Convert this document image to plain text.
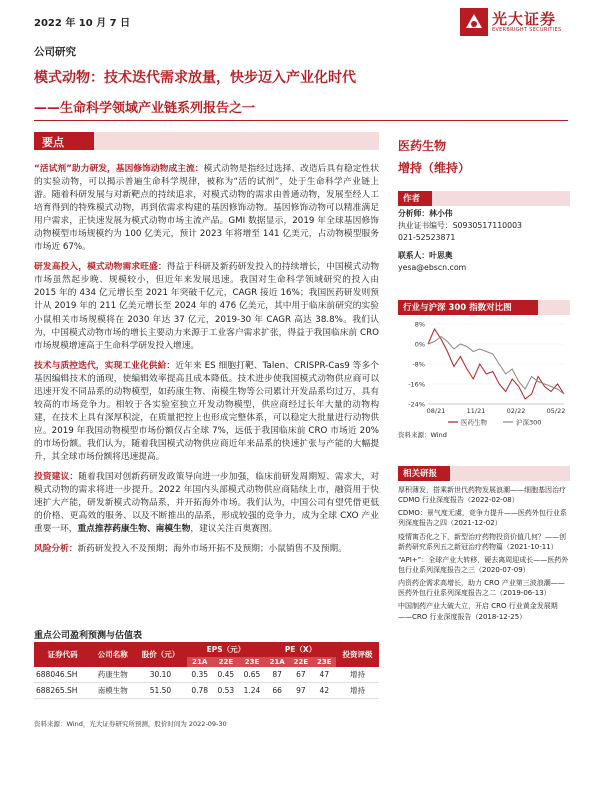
2022 年 10 月 7 日	光大证券
EVERBRIGHT SECURITIES
公司研究
模式动物：技术迭代需求放量，快步迈入产业化时代
——生命科学领域产业链系列报告之一
要点

“活试剂”助力研发，基因修饰动物成主流：模式动物是指经过选择、改造后具有稳定性状的实验动物，可以揭示普遍生命科学规律，被称为“活的试剂”，处于生命科学产业链上游。随着科研发展与对新靶点的持续追求，对模式动物的需求由普通动物，发展至经人工培育得到的特殊模式动物，再到依需求构建的基因修饰动物。基因修饰动物可以精准满足用户需求，正快速发展为模式动物市场主流产品。GMI 数据显示，2019 年全球基因修饰动物模型市场规模约为 100 亿美元，预计 2023 年将增至 141 亿美元，占动物模型服务市场近 67%。

研发高投入，模式动物需求旺盛：得益于科研及新药研发投入的持续增长，中国模式动物市场虽然起步晚、规模较小，但近年来发展迅速。我国对生命科学领域研究的投入由 2015 年的 434 亿元增长至 2021 年突破千亿元，CAGR 接近 16%；我国医药研发则预计从 2019 年的 211 亿美元增长至 2024 年的 476 亿美元，其中用于临床前研究的实验小鼠相关市场规模将在 2030 年达 37 亿元，2019-30 年 CAGR 高达 38.8%。我们认为，中国模式动物市场的增长主要动力来源于工业客户需求扩张，得益于我国临床前 CRO 市场规模增速高于生命科学研发投入增速。

技术与质控迭代，实现工业化供給：近年来 ES 细胞打靶、Talen、CRISPR-Cas9 等多个基因编辑技术的涌现，使编辑效率提高且成本降低。技术进步使我国模式动物供应商可以迅速开发不同品系的动物模型，如药康生物、南模生物等公司累计开发品系均过万，具有较高的市场竞争力。相较于各实验室独立开发动物模型，供应商经过长年大量的动物构建，在技术上具有深厚积淀，在质量把控上也形成完整体系，可以稳定大批量进行动物供应。2019 年我国动物模型市场份额仅占全球 7%，远低于我国临床前 CRO 市场近 20%的市场份额。我们认为，随着我国模式动物供应商近年来品系的快速扩张与产能的大幅提升，其全球市场份额将迅速提高。

投资建议：随着我国对创新药研发政策导向进一步加强，临床前研发周期短、需求大，对模式动物的需求将进一步提升。2022 年国内头部模式动物供应商陆续上市，融资用于快速扩大产能，研发新模式动物品系，并开拓海外市场。我们认为，中国公司有望凭借更低的价格、更高效的服务、以及不断推出的品系，形成较强的竞争力，成为全球 CXO 产业重要一环，重点推荐药康生物、南模生物，建议关注百奥赛图。

风险分析：新药研发投入不及预期；海外市场开拓不及预期；小鼠销售不及预期。

重点公司盈利预测与估值表
证券代码	公司名称	股价（元）	EPS（元）			PE（X）			投资评级
			21A	22E	23E	21A	22E	23E	
688046.SH	药康生物	30.10	0.35	0.45	0.65	87	67	47	增持
688265.SH	南模生物	51.50	0.78	0.53	1.24	66	97	42	增持
资料来源：Wind，光大证券研究所预测，股价时间为 2022-09-30
医药生物
增持（维持）
作者
分析师：林小伟
执业证书编号：S0930517110003
021-52523871
联系人：叶思奥
yesa@ebscn.com
行业与沪深 300 指数对比图
-24%
-16%
-8%
0%
8%
08/21	11/21	02/22	05/22
医药生物	沪深300
资料来源：Wind
相关研报

厚积薄发，搭乘新世代药物发展浪潮——细胞基因治疗 CDMO 行业深度报告（2022-02-08）

CDMO：景气度无虞，竞争力提升——医药外包行业系列深度报告之四（2021-12-02）

疫情寓否化之下，新型治疗药物投资价值几何？——创新药研究系列五之新冠治疗药物篇（2021-10-11）

“API+”：全球产业大转移，硬去离周迎成长——医药外包行业系列深度报告之三（2020-07-09）

内资药企需求高增长，助力 CRO 产业第三波浪潮——医药外包行业系列深度报告之二（2019-06-13）

中国制药产业大破大立，开启 CRO 行业黄金发展期——CRO 行业深度报告（2018-12-25）
